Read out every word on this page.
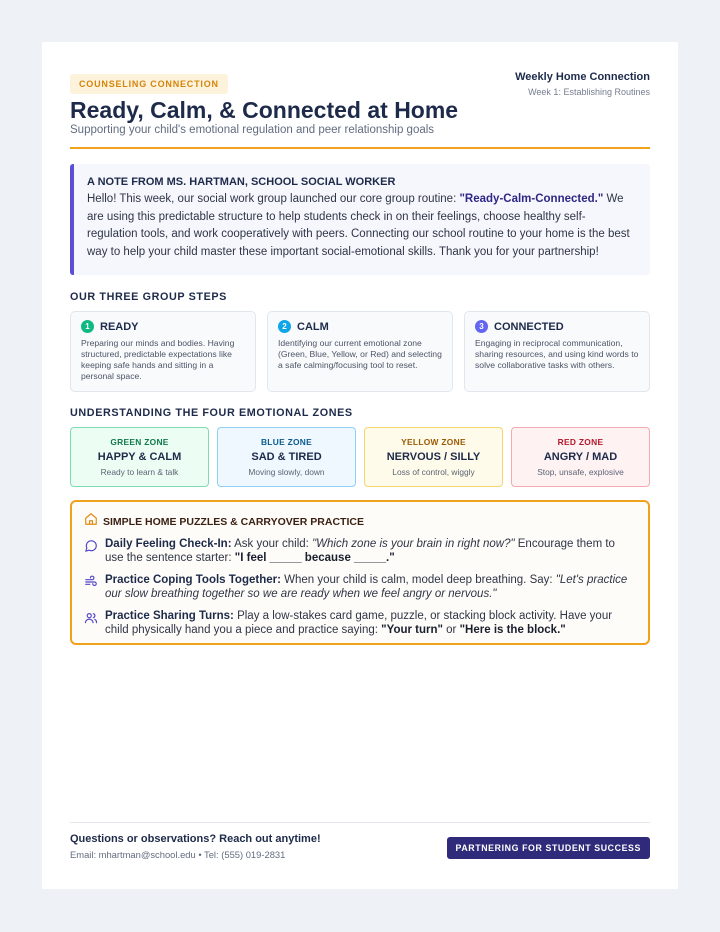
COUNSELING CONNECTION
Ready, Calm, & Connected at Home
Supporting your child's emotional regulation and peer relationship goals
Weekly Home Connection
Week 1: Establishing Routines
A NOTE FROM MS. HARTMAN, SCHOOL SOCIAL WORKER

Hello! This week, our social work group launched our core group routine: "Ready-Calm-Connected." We are using this predictable structure to help students check in on their feelings, choose healthy self-regulation tools, and work cooperatively with peers. Connecting our school routine to your home is the best way to help your child master these important social-emotional skills. Thank you for your partnership!

OUR THREE GROUP STEPS
1 READY
Preparing our minds and bodies. Having structured, predictable expectations like keeping safe hands and sitting in a personal space.
2 CALM
Identifying our current emotional zone (Green, Blue, Yellow, or Red) and selecting a safe calming/focusing tool to reset.
3 CONNECTED
Engaging in reciprocal communication, sharing resources, and using kind words to solve collaborative tasks with others.
UNDERSTANDING THE FOUR EMOTIONAL ZONES
GREEN ZONE
HAPPY & CALM
Ready to learn & talk
BLUE ZONE
SAD & TIRED
Moving slowly, down
YELLOW ZONE
NERVOUS / SILLY
Loss of control, wiggly
RED ZONE
ANGRY / MAD
Stop, unsafe, explosive
SIMPLE HOME PUZZLES & CARRYOVER PRACTICE
Daily Feeling Check-In: Ask your child: "Which zone is your brain in right now?" Encourage them to use the sentence starter: "I feel _____ because _____."
Practice Coping Tools Together: When your child is calm, model deep breathing. Say: "Let's practice our slow breathing together so we are ready when we feel angry or nervous."
Practice Sharing Turns: Play a low-stakes card game, puzzle, or stacking block activity. Have your child physically hand you a piece and practice saying: "Your turn" or "Here is the block."
Questions or observations? Reach out anytime!
Email: mhartman@school.edu • Tel: (555) 019-2831
PARTNERING FOR STUDENT SUCCESS
